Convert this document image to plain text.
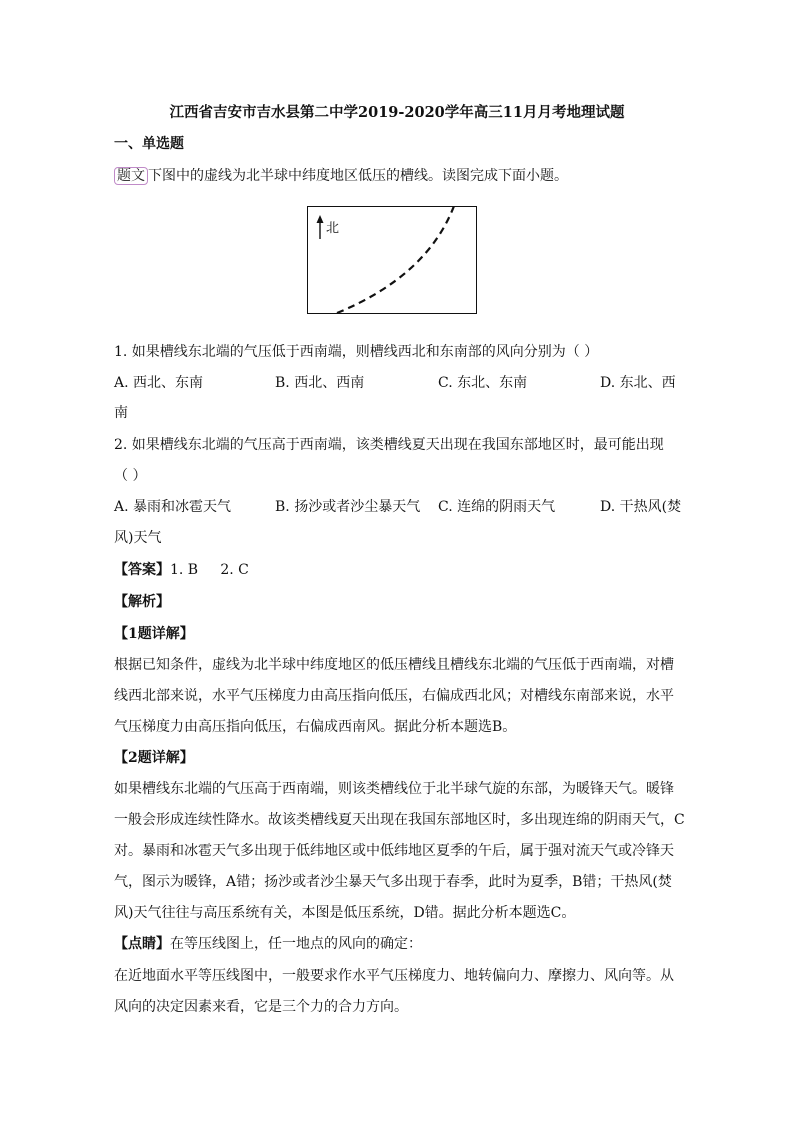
江西省吉安市吉水县第二中学2019-2020学年高三11月月考地理试题
一、单选题
题文 下图中的虚线为北半球中纬度地区低压的槽线。读图完成下面小题。
北
1. 如果槽线东北端的气压低于西南端，则槽线西北和东南部的风向分别为（ ）
A. 西北、东南	B. 西北、西南	C. 东北、东南	D. 东北、西
南
2. 如果槽线东北端的气压高于西南端，该类槽线夏天出现在我国东部地区时，最可能出现
（ ）
A. 暴雨和冰雹天气	B. 扬沙或者沙尘暴天气 C. 连绵的阴雨天气	D. 干热风(焚
风)天气
【答案】1. B     2. C
【解析】
【1题详解】
根据已知条件，虚线为北半球中纬度地区的低压槽线且槽线东北端的气压低于西南端，对槽
线西北部来说，水平气压梯度力由高压指向低压，右偏成西北风；对槽线东南部来说，水平
气压梯度力由高压指向低压，右偏成西南风。据此分析本题选B。
【2题详解】
如果槽线东北端的气压高于西南端，则该类槽线位于北半球气旋的东部，为暖锋天气。暖锋
一般会形成连续性降水。故该类槽线夏天出现在我国东部地区时，多出现连绵的阴雨天气，C
对。暴雨和冰雹天气多出现于低纬地区或中低纬地区夏季的午后，属于强对流天气或冷锋天
气，图示为暖锋，A错；扬沙或者沙尘暴天气多出现于春季，此时为夏季，B错；干热风(焚
风)天气往往与高压系统有关，本图是低压系统，D错。据此分析本题选C。
【点睛】在等压线图上，任一地点的风向的确定：
在近地面水平等压线图中，一般要求作水平气压梯度力、地转偏向力、摩擦力、风向等。从
风向的决定因素来看，它是三个力的合力方向。
